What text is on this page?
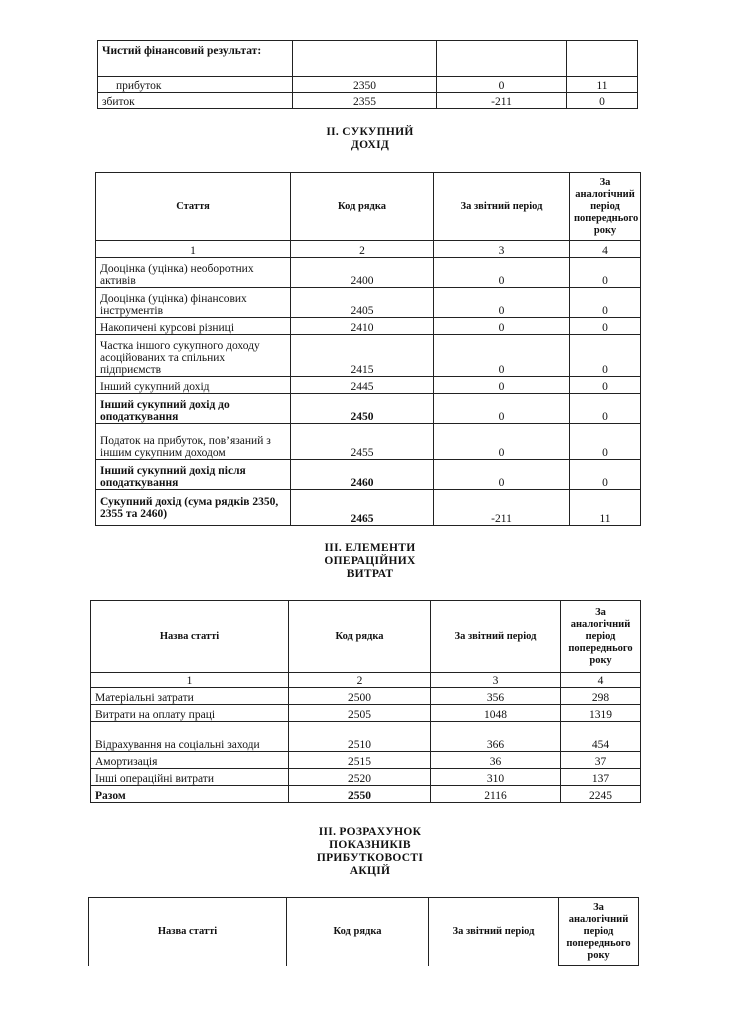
Чистий фінансовий результат:			
прибуток	2350	0	11
збиток	2355	-211	0
ІІ. СУКУПНИЙ
ДОХІД
Стаття	Код рядка	За звітний період	За аналогічний період попереднього року
1	2	3	4
Дооцінка (уцінка) необоротних активів	2400	0	0
Дооцінка (уцінка) фінансових інструментів	2405	0	0
Накопичені курсові різниці	2410	0	0
Частка іншого сукупного доходу асоційованих та спільних підприємств	2415	0	0
Інший сукупний дохід	2445	0	0
Інший сукупний дохід до оподаткування	2450	0	0
Податок на прибуток, пов’язаний з іншим сукупним доходом	2455	0	0
Інший сукупний дохід після оподаткування	2460	0	0
Сукупний дохід (сума рядків 2350, 2355 та 2460)	2465	-211	11
ІІІ. ЕЛЕМЕНТИ
ОПЕРАЦІЙНИХ
ВИТРАТ
Назва статті	Код рядка	За звітний період	За аналогічний період попереднього року
1	2	3	4
Матеріальні затрати	2500	356	298
Витрати на оплату праці	2505	1048	1319
Відрахування на соціальні заходи	2510	366	454
Амортизація	2515	36	37
Інші операційні витрати	2520	310	137
Разом	2550	2116	2245
ІІІ. РОЗРАХУНОК
ПОКАЗНИКІВ
ПРИБУТКОВОСТІ
АКЦІЙ
Назва статті	Код рядка	За звітний період	За аналогічний період попереднього року
